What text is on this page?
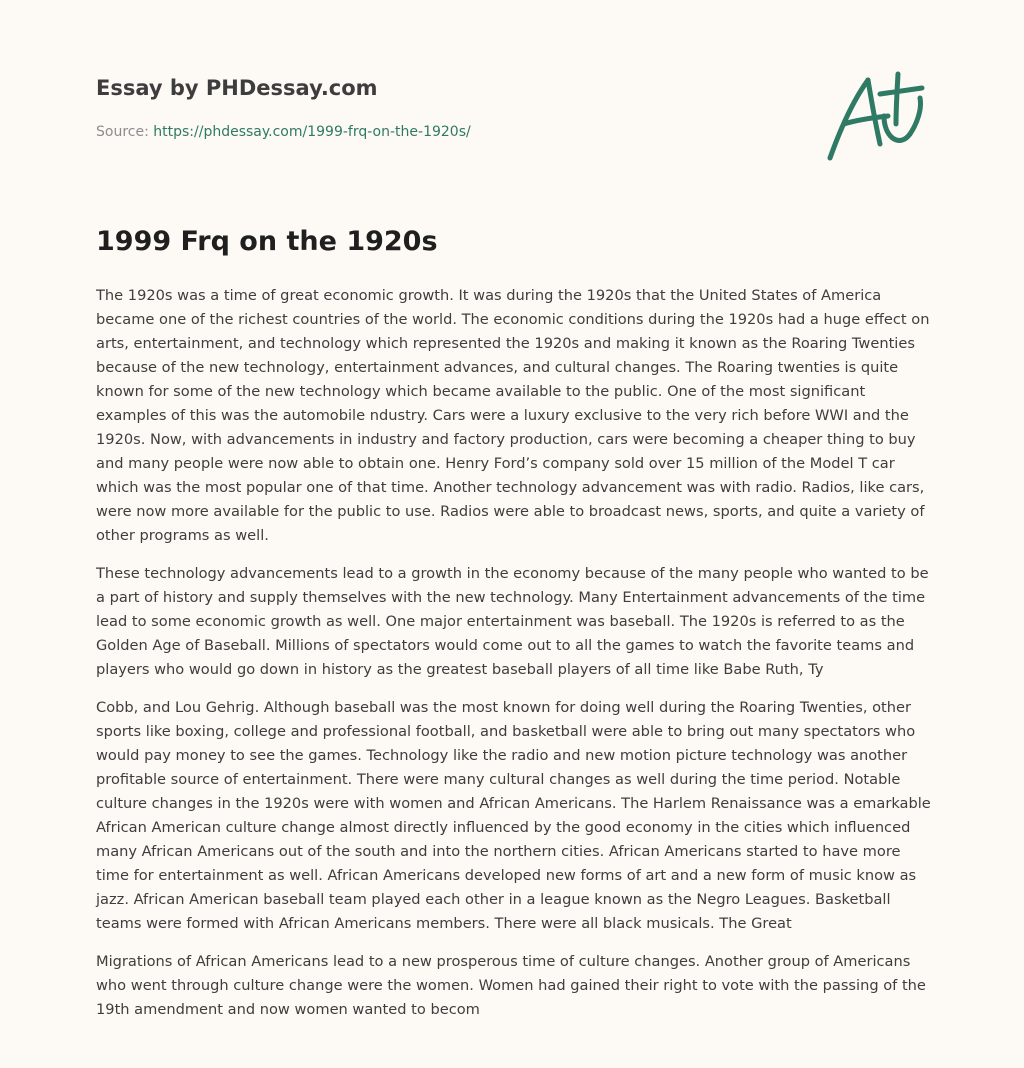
Essay by PHDessay.com

Source: https://phdessay.com/1999-frq-on-the-1920s/

1999 Frq on the 1920s

The 1920s was a time of great economic growth. It was during the 1920s that the United States of America became one of the richest countries of the world. The economic conditions during the 1920s had a huge effect on arts, entertainment, and technology which represented the 1920s and making it known as the Roaring Twenties because of the new technology, entertainment advances, and cultural changes. The Roaring twenties is quite known for some of the new technology which became available to the public. One of the most significant examples of this was the automobile ndustry. Cars were a luxury exclusive to the very rich before WWI and the 1920s. Now, with advancements in industry and factory production, cars were becoming a cheaper thing to buy and many people were now able to obtain one. Henry Ford’s company sold over 15 million of the Model T car which was the most popular one of that time. Another technology advancement was with radio. Radios, like cars, were now more available for the public to use. Radios were able to broadcast news, sports, and quite a variety of other programs as well.

These technology advancements lead to a growth in the economy because of the many people who wanted to be a part of history and supply themselves with the new technology. Many Entertainment advancements of the time lead to some economic growth as well. One major entertainment was baseball. The 1920s is referred to as the Golden Age of Baseball. Millions of spectators would come out to all the games to watch the favorite teams and players who would go down in history as the greatest baseball players of all time like Babe Ruth, Ty

Cobb, and Lou Gehrig. Although baseball was the most known for doing well during the Roaring Twenties, other sports like boxing, college and professional football, and basketball were able to bring out many spectators who would pay money to see the games. Technology like the radio and new motion picture technology was another profitable source of entertainment. There were many cultural changes as well during the time period. Notable culture changes in the 1920s were with women and African Americans. The Harlem Renaissance was a emarkable African American culture change almost directly influenced by the good economy in the cities which influenced many African Americans out of the south and into the northern cities. African Americans started to have more time for entertainment as well. African Americans developed new forms of art and a new form of music know as jazz. African American baseball team played each other in a league known as the Negro Leagues. Basketball teams were formed with African Americans members. There were all black musicals. The Great

Migrations of African Americans lead to a new prosperous time of culture changes. Another group of Americans who went through culture change were the women. Women had gained their right to vote with the passing of the 19th amendment and now women wanted to becom
